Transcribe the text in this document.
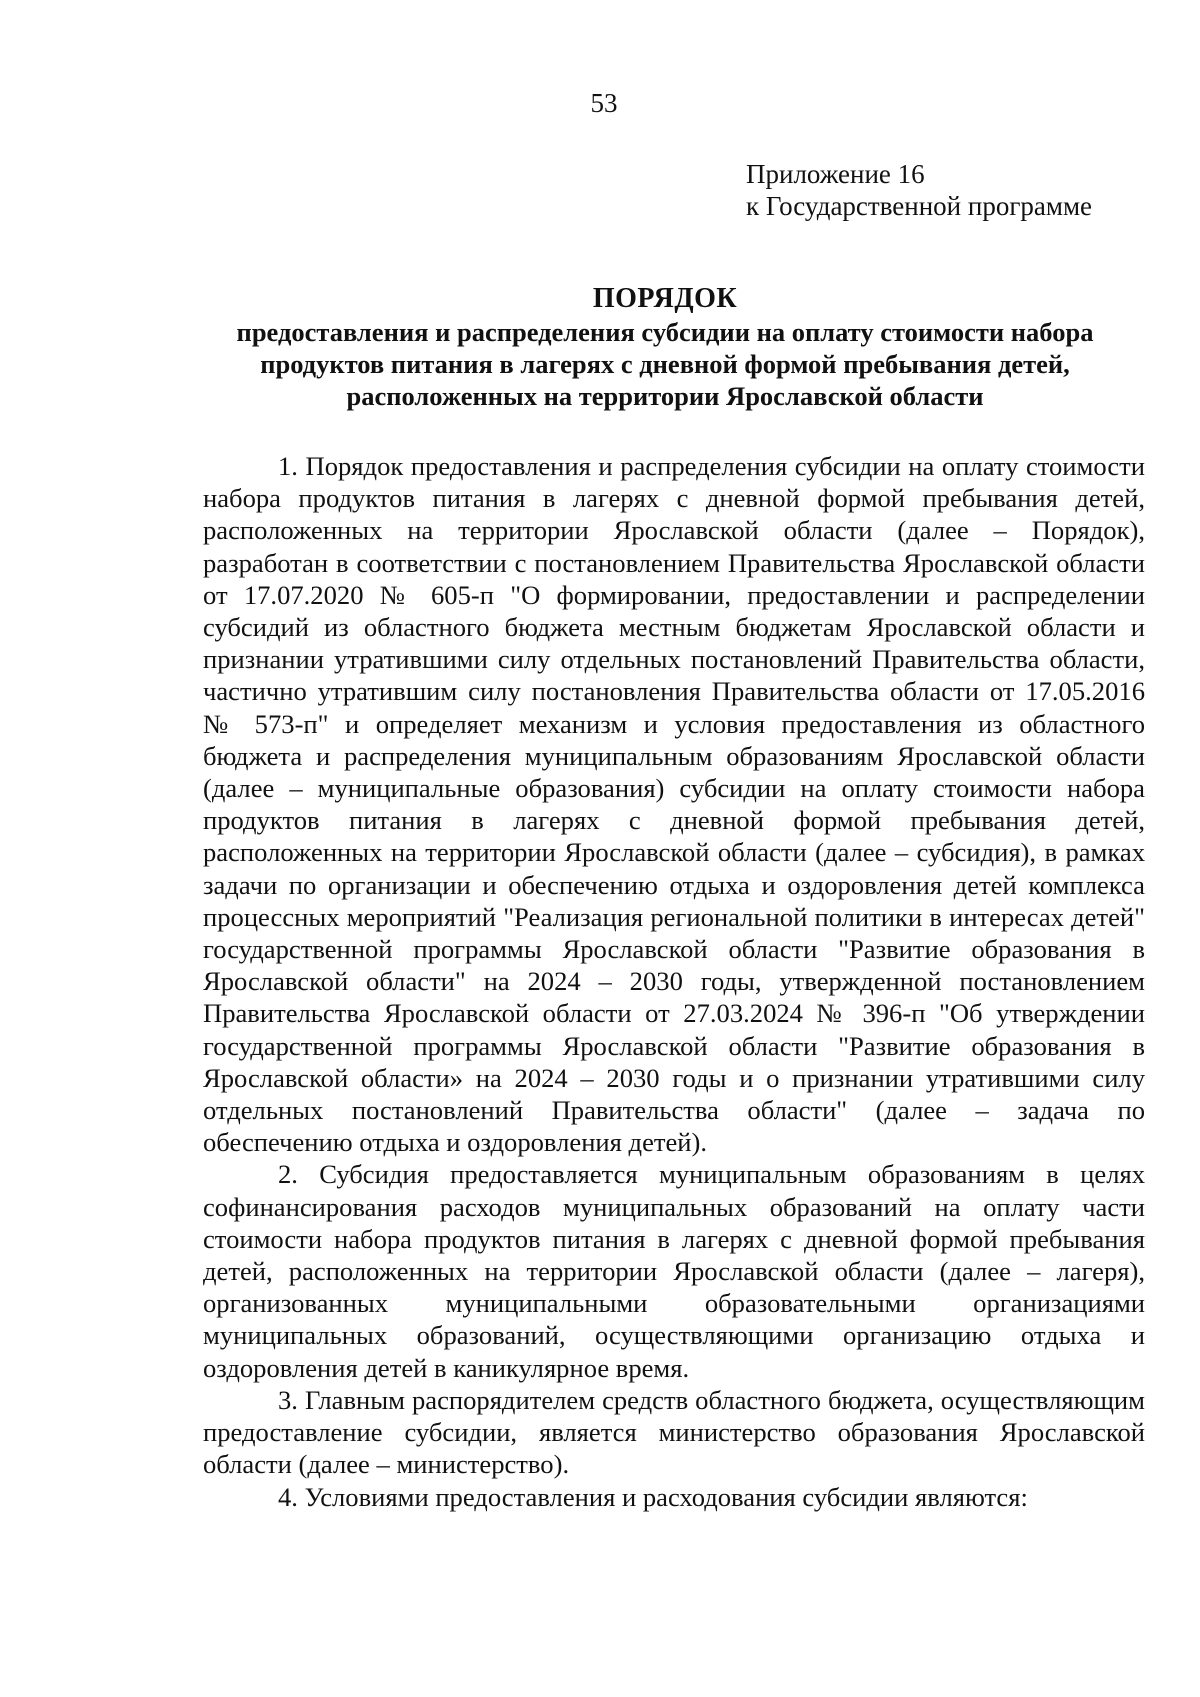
53
Приложение 16
к Государственной программе
ПОРЯДОК
предоставления и распределения субсидии на оплату стоимости набора продуктов питания в лагерях с дневной формой пребывания детей, расположенных на территории Ярославской области

1. Порядок предоставления и распределения субсидии на оплату стоимости набора продуктов питания в лагерях с дневной формой пребывания детей, расположенных на территории Ярославской области (далее – Порядок), разработан в соответствии с постановлением Правительства Ярославской области от 17.07.2020 № 605-п "О формировании, предоставлении и распределении субсидий из областного бюджета местным бюджетам Ярославской области и признании утратившими силу отдельных постановлений Правительства области, частично утратившим силу постановления Правительства области от 17.05.2016 № 573-п" и определяет механизм и условия предоставления из областного бюджета и распределения муниципальным образованиям Ярославской области (далее – муниципальные образования) субсидии на оплату стоимости набора продуктов питания в лагерях с дневной формой пребывания детей, расположенных на территории Ярославской области (далее – субсидия), в рамках задачи по организации и обеспечению отдыха и оздоровления детей комплекса процессных мероприятий "Реализация региональной политики в интересах детей" государственной программы Ярославской области "Развитие образования в Ярославской области" на 2024 – 2030 годы, утвержденной постановлением Правительства Ярославской области от 27.03.2024 № 396-п "Об утверждении государственной программы Ярославской области "Развитие образования в Ярославской области» на 2024 – 2030 годы и о признании утратившими силу отдельных постановлений Правительства области" (далее – задача по обеспечению отдыха и оздоровления детей).

2. Субсидия предоставляется муниципальным образованиям в целях софинансирования расходов муниципальных образований на оплату части стоимости набора продуктов питания в лагерях с дневной формой пребывания детей, расположенных на территории Ярославской области (далее – лагеря), организованных муниципальными образовательными организациями муниципальных образований, осуществляющими организацию отдыха и оздоровления детей в каникулярное время.

3. Главным распорядителем средств областного бюджета, осуществляющим предоставление субсидии, является министерство образования Ярославской области (далее – министерство).

4. Условиями предоставления и расходования субсидии являются:
